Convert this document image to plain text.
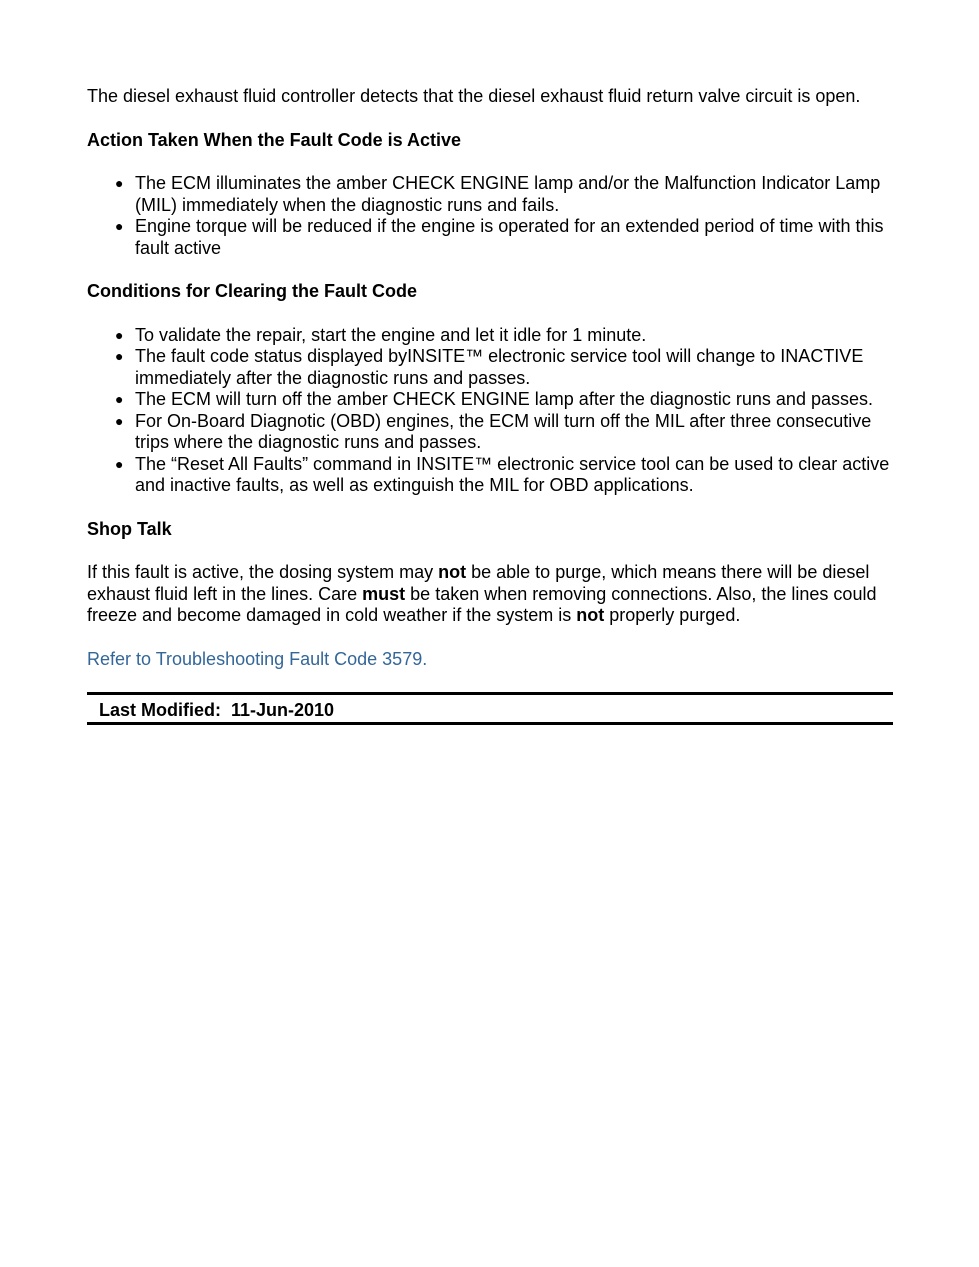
The diesel exhaust fluid controller detects that the diesel exhaust fluid return valve circuit is open.

Action Taken When the Fault Code is Active
● The ECM illuminates the amber CHECK ENGINE lamp and/or the Malfunction Indicator Lamp (MIL) immediately when the diagnostic runs and fails.
● Engine torque will be reduced if the engine is operated for an extended period of time with this fault active
Conditions for Clearing the Fault Code
● To validate the repair, start the engine and let it idle for 1 minute.
● The fault code status displayed byINSITE™ electronic service tool will change to INACTIVE immediately after the diagnostic runs and passes.
● The ECM will turn off the amber CHECK ENGINE lamp after the diagnostic runs and passes.
● For On-Board Diagnotic (OBD) engines, the ECM will turn off the MIL after three consecutive trips where the diagnostic runs and passes.
● The “Reset All Faults” command in INSITE™ electronic service tool can be used to clear active and inactive faults, as well as extinguish the MIL for OBD applications.
Shop Talk

If this fault is active, the dosing system may not be able to purge, which means there will be diesel exhaust fluid left in the lines. Care must be taken when removing connections. Also, the lines could freeze and become damaged in cold weather if the system is not properly purged.

Refer to Troubleshooting Fault Code 3579.
Last Modified: 11-Jun-2010
